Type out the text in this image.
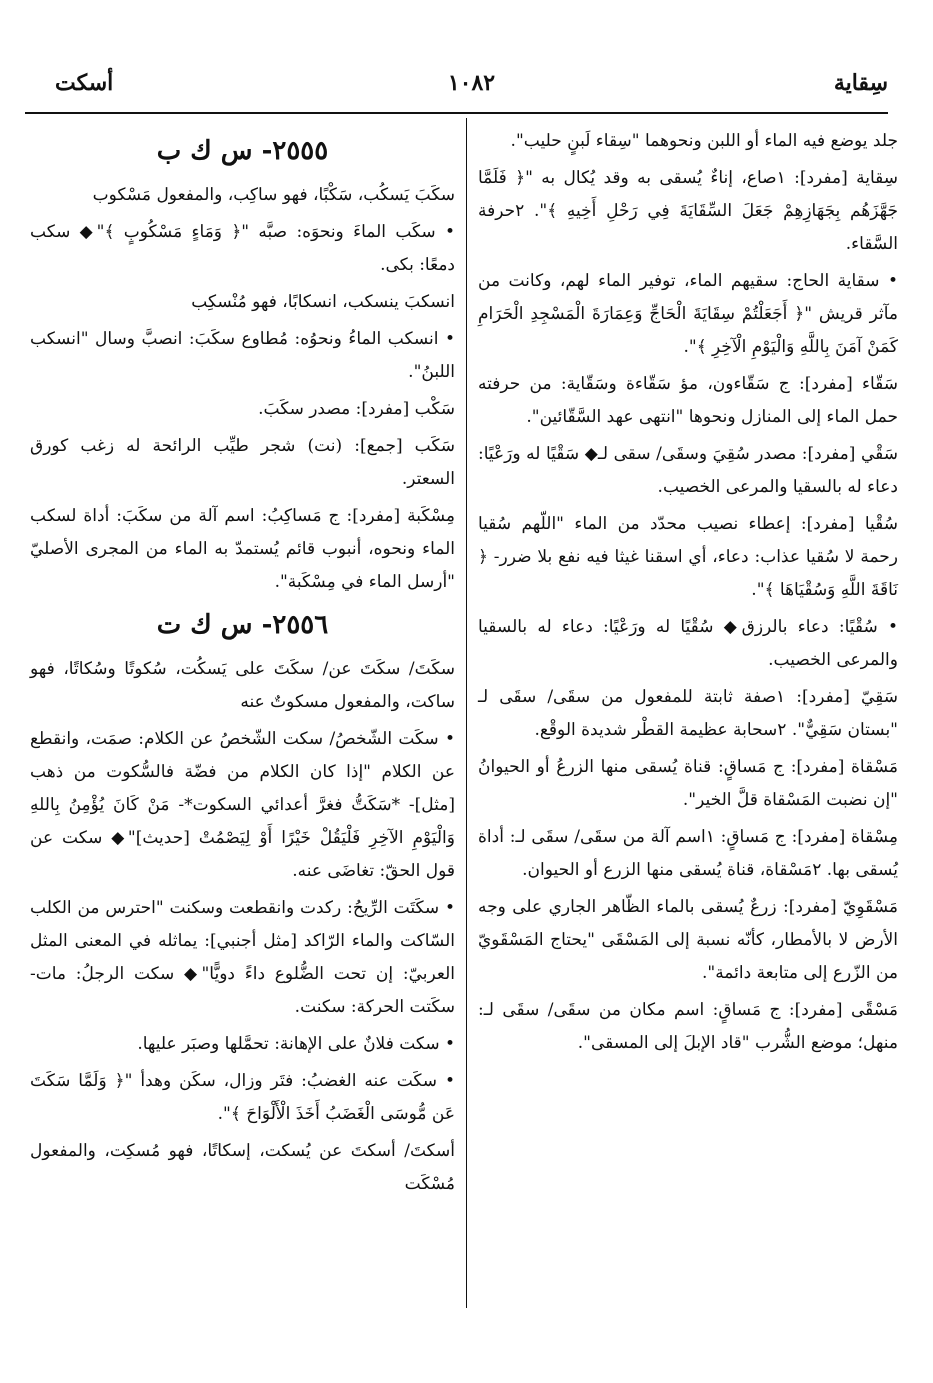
سِقاية
١٠٨٢
أسكت

جلد يوضع فيه الماء أو اللبن ونحوهما "سِقاء لَبنٍ حليب".

سِقاية [مفرد]: ١صاع، إناءٌ يُسقى به وقد يُكال به "﴿ فَلَمَّا جَهَّزَهُم بِجَهَازِهِمْ جَعَلَ السِّقَايَةَ فِي رَحْلِ أَخِيهِ ﴾". ٢حرفة السَّقاء.

• سقاية الحاج: سقيهم الماء، توفير الماء لهم، وكانت من مآثر قريش "﴿ أَجَعَلْتُمْ سِقَايَةَ الْحَاجِّ وَعِمَارَةَ الْمَسْجِدِ الْحَرَامِ كَمَنْ آمَنَ بِاللَّهِ وَالْيَوْمِ الْآخِرِ ﴾".

سَقّاء [مفرد]: ج سَقّاءون، مؤ سَقّاءة وسَقّاية: من حرفته حمل الماء إلى المنازل ونحوها "انتهى عهد السَّقّائين".

سَقْي [مفرد]: مصدر سُقِيَ وسقَى/ سقى لـ◆ سَقْيًا له ورَعْيًا: دعاء له بالسقيا والمرعى الخصيب.

سُقْيا [مفرد]: إعطاء نصيب محدّد من الماء "اللّهم سُقيا رحمة لا سُقيا عذاب: دعاء، أي اسقنا غيثا فيه نفع بلا ضرر- ﴿ نَاقَةَ اللَّهِ وَسُقْيَاهَا ﴾".

• سُقْيًا: دعاء بالرزق◆ سُقْيًا له ورَعْيًا: دعاء له بالسقيا والمرعى الخصيب.

سَقِيّ [مفرد]: ١صفة ثابتة للمفعول من سقَى/ سقَى لـ "بستان سَقِيٌّ". ٢سحابة عظيمة القطْر شديدة الوقْع.

مَسْقاة [مفرد]: ج مَساقٍ: قناة يُسقى منها الزرعُ أو الحيوانُ "إن نضبت المَسْقاة قلَّ الخير".

مِسْقاة [مفرد]: ج مَساقٍ: ١اسم آلة من سقَى/ سقَى لـ: أداة يُسقى بها. ٢مَسْقاة، قناة يُسقى منها الزرع أو الحيوان.

مَسْقَوِيّ [مفرد]: زرعٌ يُسقى بالماء الظّاهر الجاري على وجه الأرض لا بالأمطار، كأنّه نسبة إلى المَسْقَى "يحتاج المَسْقَويّ من الزّرع إلى متابعة دائمة".

مَسْقًى [مفرد]: ج مَساقٍ: اسم مكان من سقَى/ سقَى لـ: منهل؛ موضع الشُّرب "قاد الإبلَ إلى المسقى".

٢٥٥٥- س ك ب

سكَبَ يَسكُب، سَكْبًا، فهو ساكِب، والمفعول مَسْكوب

• سكَب الماءَ ونحوَه: صبَّه "﴿ وَمَاءٍ مَسْكُوبٍ ﴾"◆ سكب دمعًا: بكى.

انسكبَ ينسكب، انسكابًا، فهو مُنْسكِب

• انسكب الماءُ ونحوُه: مُطاوع سكَبَ: انصبَّ وسال "انسكب اللبنُ".

سَكْب [مفرد]: مصدر سكَبَ.

سَكَب [جمع]: (نت) شجر طيِّب الرائحة له زغب كورق السعتر.

مِسْكَبة [مفرد]: ج مَساكِبُ: اسم آلة من سكَبَ: أداة لسكب الماء ونحوه، أنبوب قائم يُستمدّ به الماء من المجرى الأصليّ "أرسل الماء في مِسْكَبة".

٢٥٥٦- س ك ت

سكَتَ/ سكَتَ عن/ سكَتَ على يَسكُت، سُكوتًا وسُكاتًا، فهو ساكت، والمفعول مسكوتٌ عنه

• سكَت الشّخصُ/ سكت الشّخصُ عن الكلام: صمَت، وانقطع عن الكلام "إذا كان الكلام من فضّة فالسُّكوت من ذهب [مثل]- *سَكَتُّ فغرَّ أعدائي السكوت*- مَنْ كَانَ يُؤْمِنُ بِاللهِ وَالْيَوْمِ الآخِرِ فَلْيَقُلْ خَيْرًا أَوْ لِيَصْمُتْ [حديث]"◆ سكت عن قول الحقّ: تغاضَى عنه.

• سكَتَت الرِّيحُ: ركدت وانقطعت وسكنت "احترس من الكلب السّاكت والماء الرّاكد [مثل أجنبي]: يماثله في المعنى المثل العربيّ: إن تحت الضُّلوع داءً دويًّا"◆ سكت الرجلُ: مات- سكَتت الحركة: سكنت.

• سكت فلانٌ على الإهانة: تحمَّلها وصبَر عليها.

• سكَت عنه الغضبُ: فتَر وزال، سكَن وهدأ "﴿ وَلَمَّا سَكَتَ عَن مُّوسَى الْغَضَبُ أَخَذَ الْأَلْوَاحَ ﴾".

أسكتَ/ أسكتَ عن يُسكت، إسكاتًا، فهو مُسكِت، والمفعول مُسْكَت
